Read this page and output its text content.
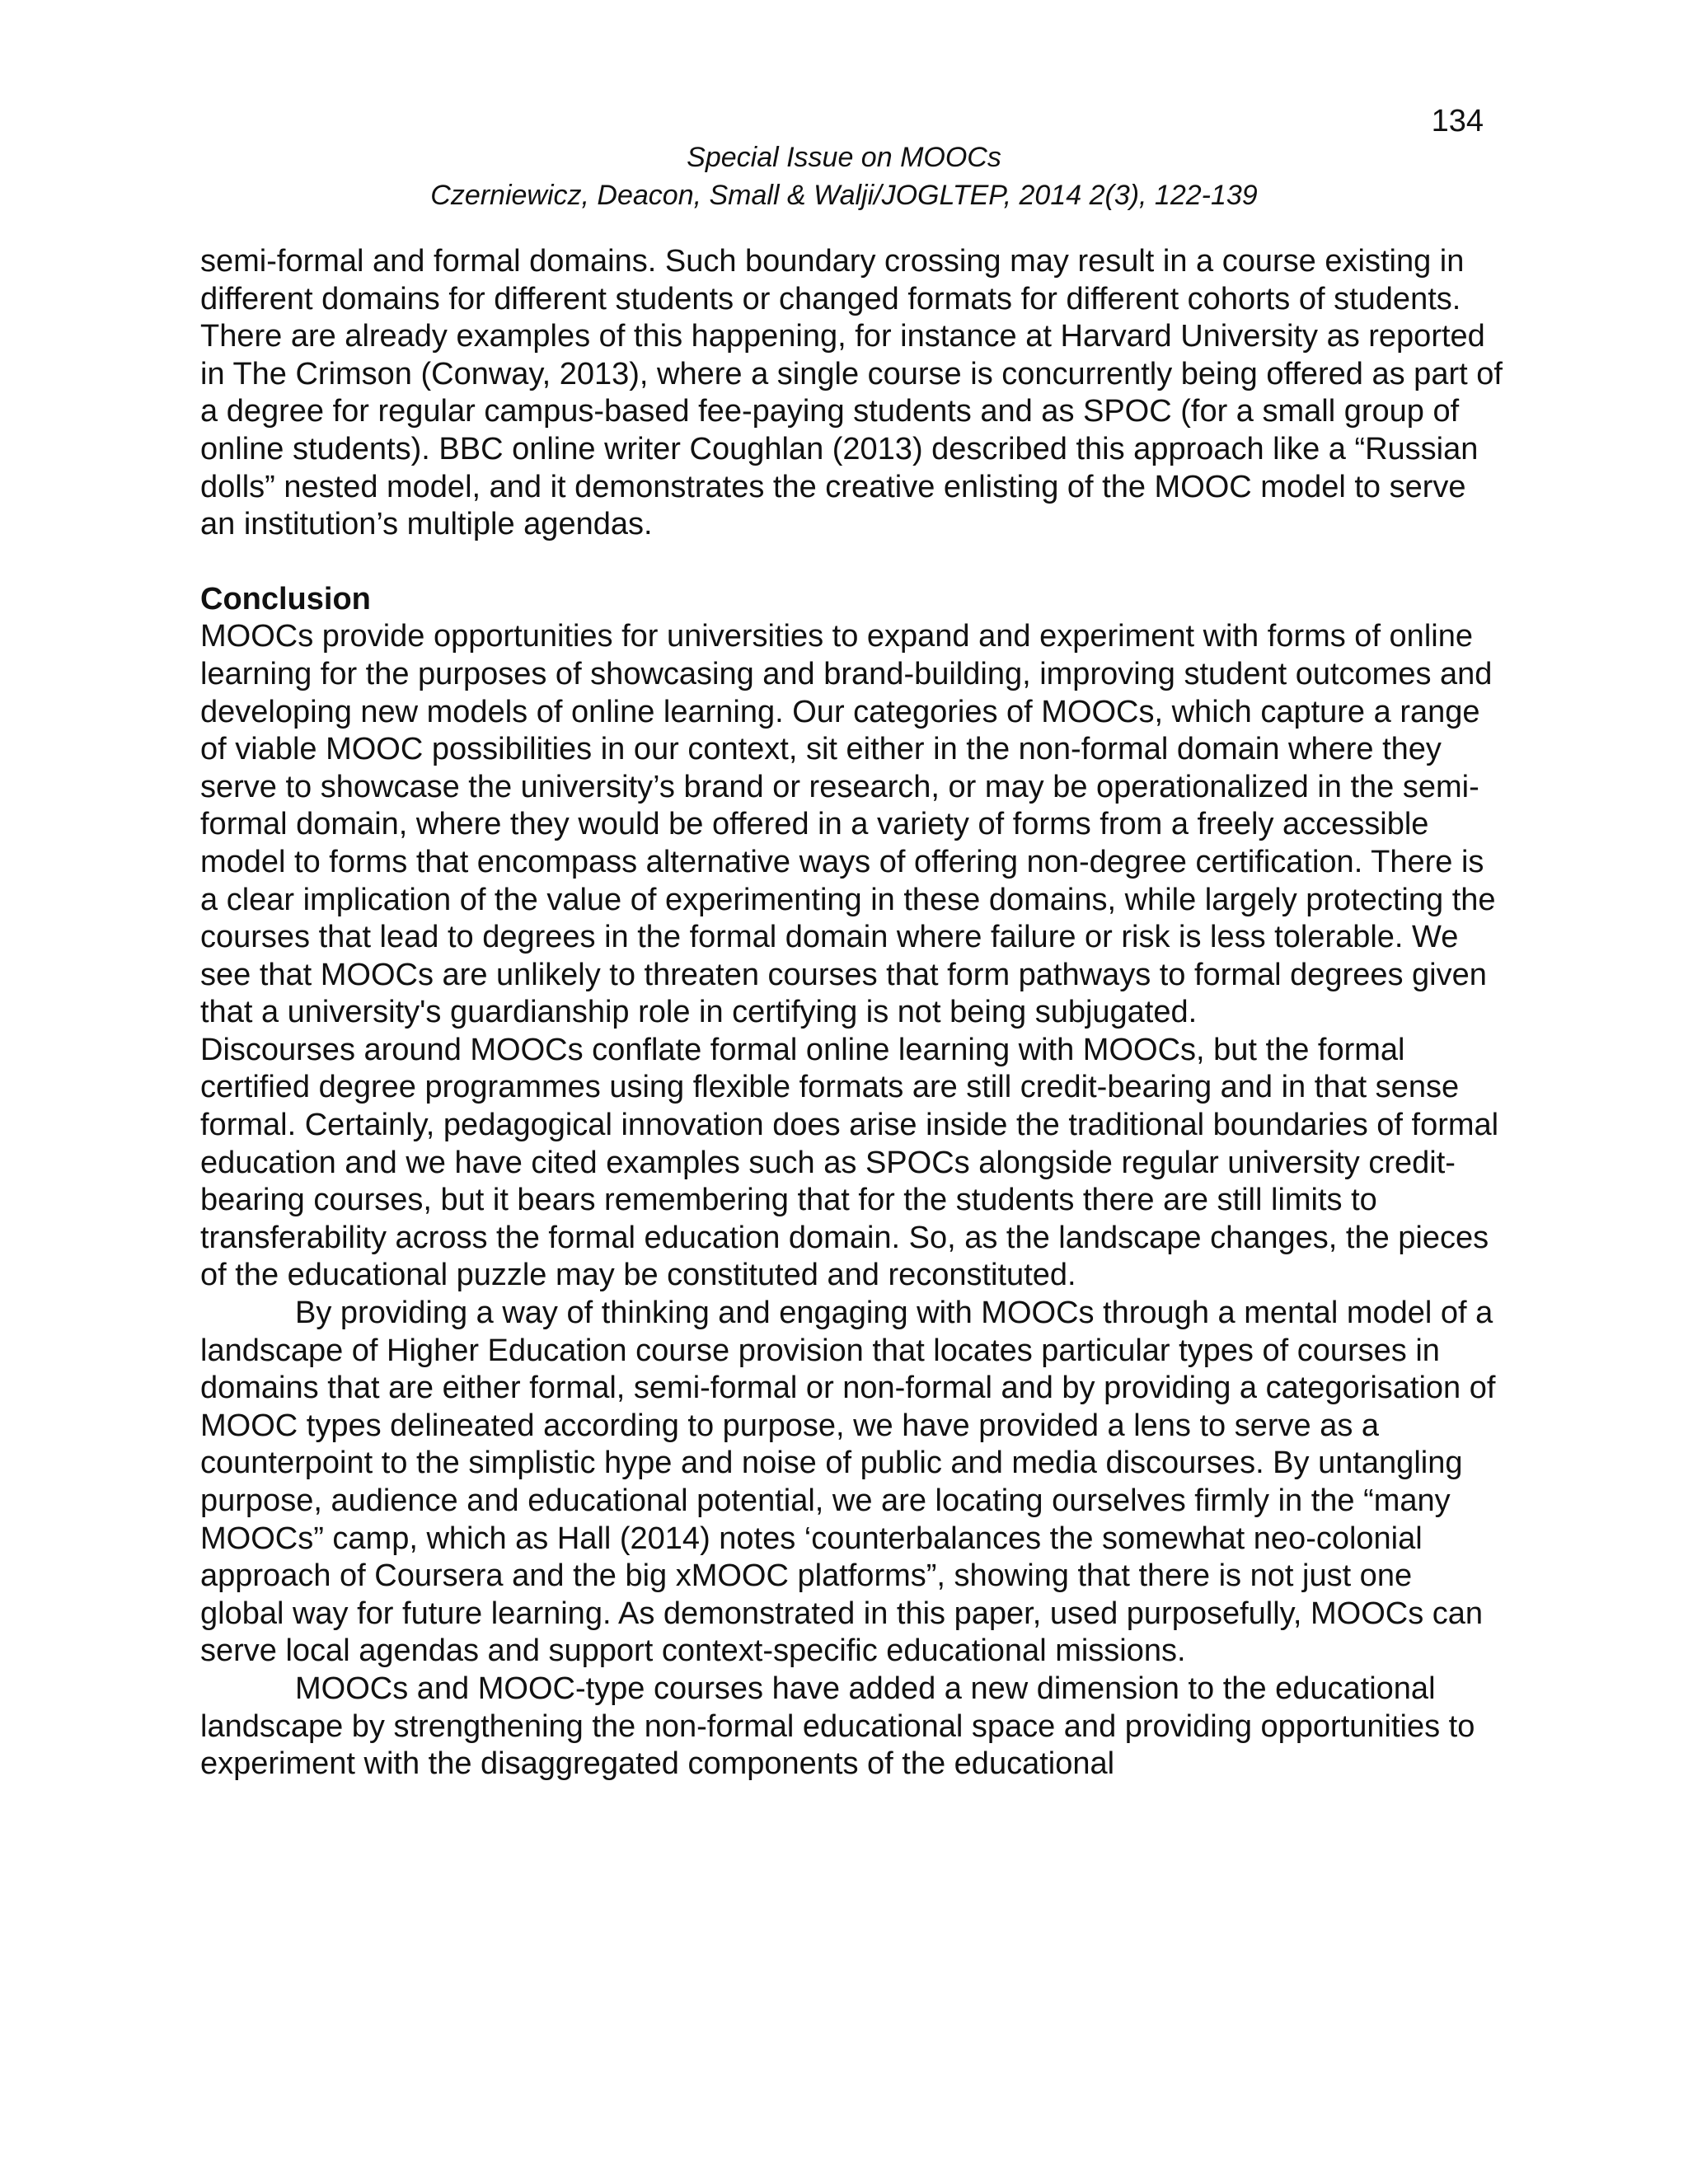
134
Special Issue on MOOCs
Czerniewicz, Deacon, Small & Walji/JOGLTEP, 2014 2(3), 122-139

semi-formal and formal domains. Such boundary crossing may result in a course existing in different domains for different students or changed formats for different cohorts of students. There are already examples of this happening, for instance at Harvard University as reported in The Crimson (Conway, 2013), where a single course is concurrently being offered as part of a degree for regular campus-based fee-paying students and as SPOC (for a small group of online students). BBC online writer Coughlan (2013) described this approach like a “Russian dolls” nested model, and it demonstrates the creative enlisting of the MOOC model to serve an institution’s multiple agendas.

Conclusion

MOOCs provide opportunities for universities to expand and experiment with forms of online learning for the purposes of showcasing and brand-building, improving student outcomes and developing new models of online learning. Our categories of MOOCs, which capture a range of viable MOOC possibilities in our context, sit either in the non-formal domain where they serve to showcase the university’s brand or research, or may be operationalized in the semi-formal domain, where they would be offered in a variety of forms from a freely accessible model to forms that encompass alternative ways of offering non-degree certification. There is a clear implication of the value of experimenting in these domains, while largely protecting the courses that lead to degrees in the formal domain where failure or risk is less tolerable. We see that MOOCs are unlikely to threaten courses that form pathways to formal degrees given that a university's guardianship role in certifying is not being subjugated.

Discourses around MOOCs conflate formal online learning with MOOCs, but the formal certified degree programmes using flexible formats are still credit-bearing and in that sense formal. Certainly, pedagogical innovation does arise inside the traditional boundaries of formal education and we have cited examples such as SPOCs alongside regular university credit-bearing courses, but it bears remembering that for the students there are still limits to transferability across the formal education domain. So, as the landscape changes, the pieces of the educational puzzle may be constituted and reconstituted.

By providing a way of thinking and engaging with MOOCs through a mental model of a landscape of Higher Education course provision that locates particular types of courses in domains that are either formal, semi-formal or non-formal and by providing a categorisation of MOOC types delineated according to purpose, we have provided a lens to serve as a counterpoint to the simplistic hype and noise of public and media discourses. By untangling purpose, audience and educational potential, we are locating ourselves firmly in the “many MOOCs” camp, which as Hall (2014) notes ‘counterbalances the somewhat neo-colonial approach of Coursera and the big xMOOC platforms”, showing that there is not just one global way for future learning. As demonstrated in this paper, used purposefully, MOOCs can serve local agendas and support context-specific educational missions.

MOOCs and MOOC-type courses have added a new dimension to the educational landscape by strengthening the non-formal educational space and providing opportunities to experiment with the disaggregated components of the educational
